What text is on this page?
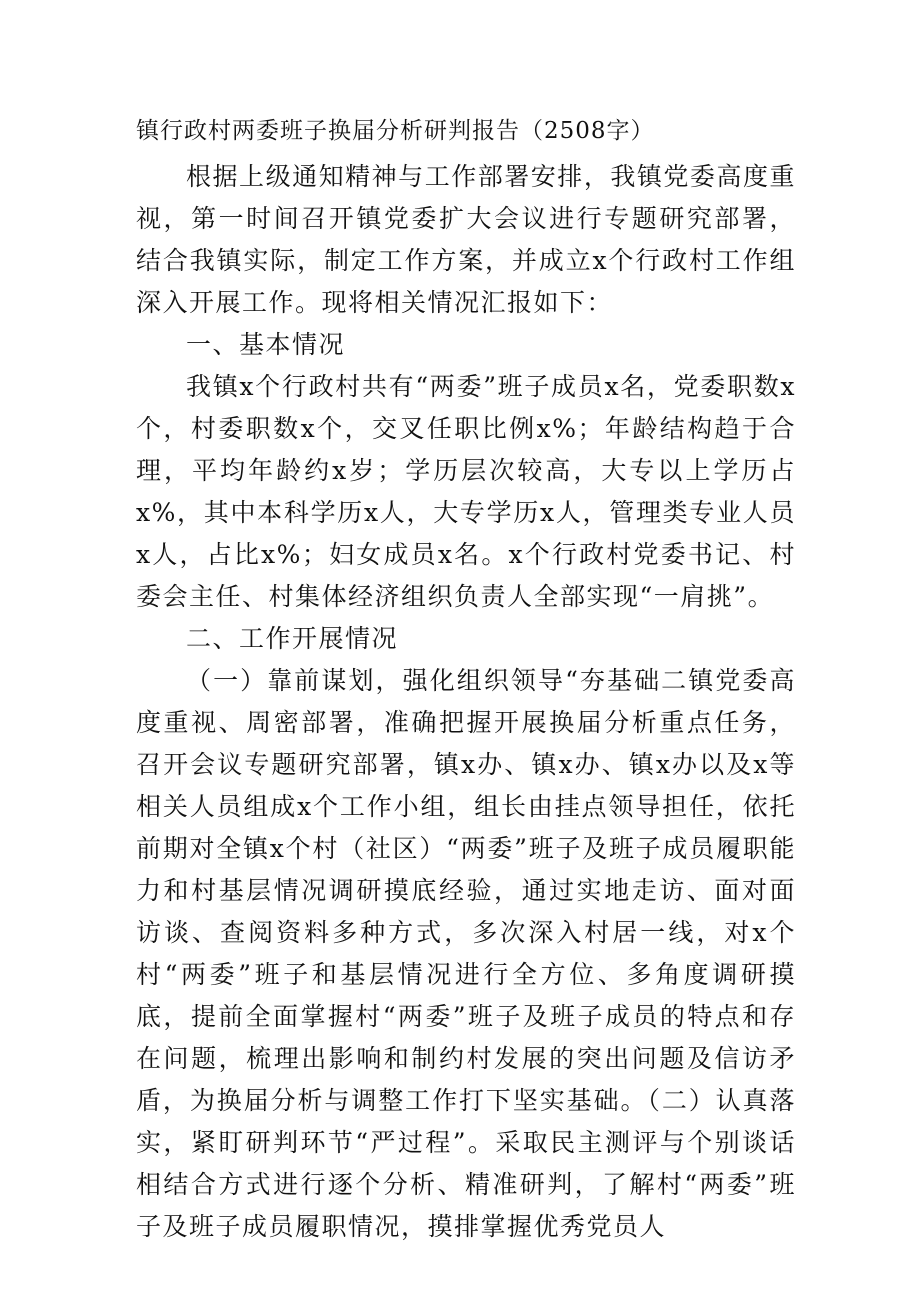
镇行政村两委班子换届分析研判报告（2508字）

根据上级通知精神与工作部署安排，我镇党委高度重视，第一时间召开镇党委扩大会议进行专题研究部署，结合我镇实际，制定工作方案，并成立x个行政村工作组深入开展工作。现将相关情况汇报如下：

一、基本情况

我镇x个行政村共有“两委”班子成员x名，党委职数x个，村委职数x个，交叉任职比例x%；年龄结构趋于合理，平均年龄约x岁；学历层次较高，大专以上学历占x%，其中本科学历x人，大专学历x人，管理类专业人员x人，占比x%；妇女成员x名。x个行政村党委书记、村委会主任、村集体经济组织负责人全部实现“一肩挑”。

二、工作开展情况

（一）靠前谋划，强化组织领导“夯基础二镇党委高度重视、周密部署，准确把握开展换届分析重点任务，召开会议专题研究部署，镇x办、镇x办、镇x办以及x等相关人员组成x个工作小组，组长由挂点领导担任，依托前期对全镇x个村（社区）“两委”班子及班子成员履职能力和村基层情况调研摸底经验，通过实地走访、面对面访谈、查阅资料多种方式，多次深入村居一线，对x个村“两委”班子和基层情况进行全方位、多角度调研摸底，提前全面掌握村“两委”班子及班子成员的特点和存在问题，梳理出影响和制约村发展的突出问题及信访矛盾，为换届分析与调整工作打下坚实基础。（二）认真落实，紧盯研判环节“严过程”。采取民主测评与个别谈话相结合方式进行逐个分析、精准研判，了解村“两委”班子及班子成员履职情况，摸排掌握优秀党员人
